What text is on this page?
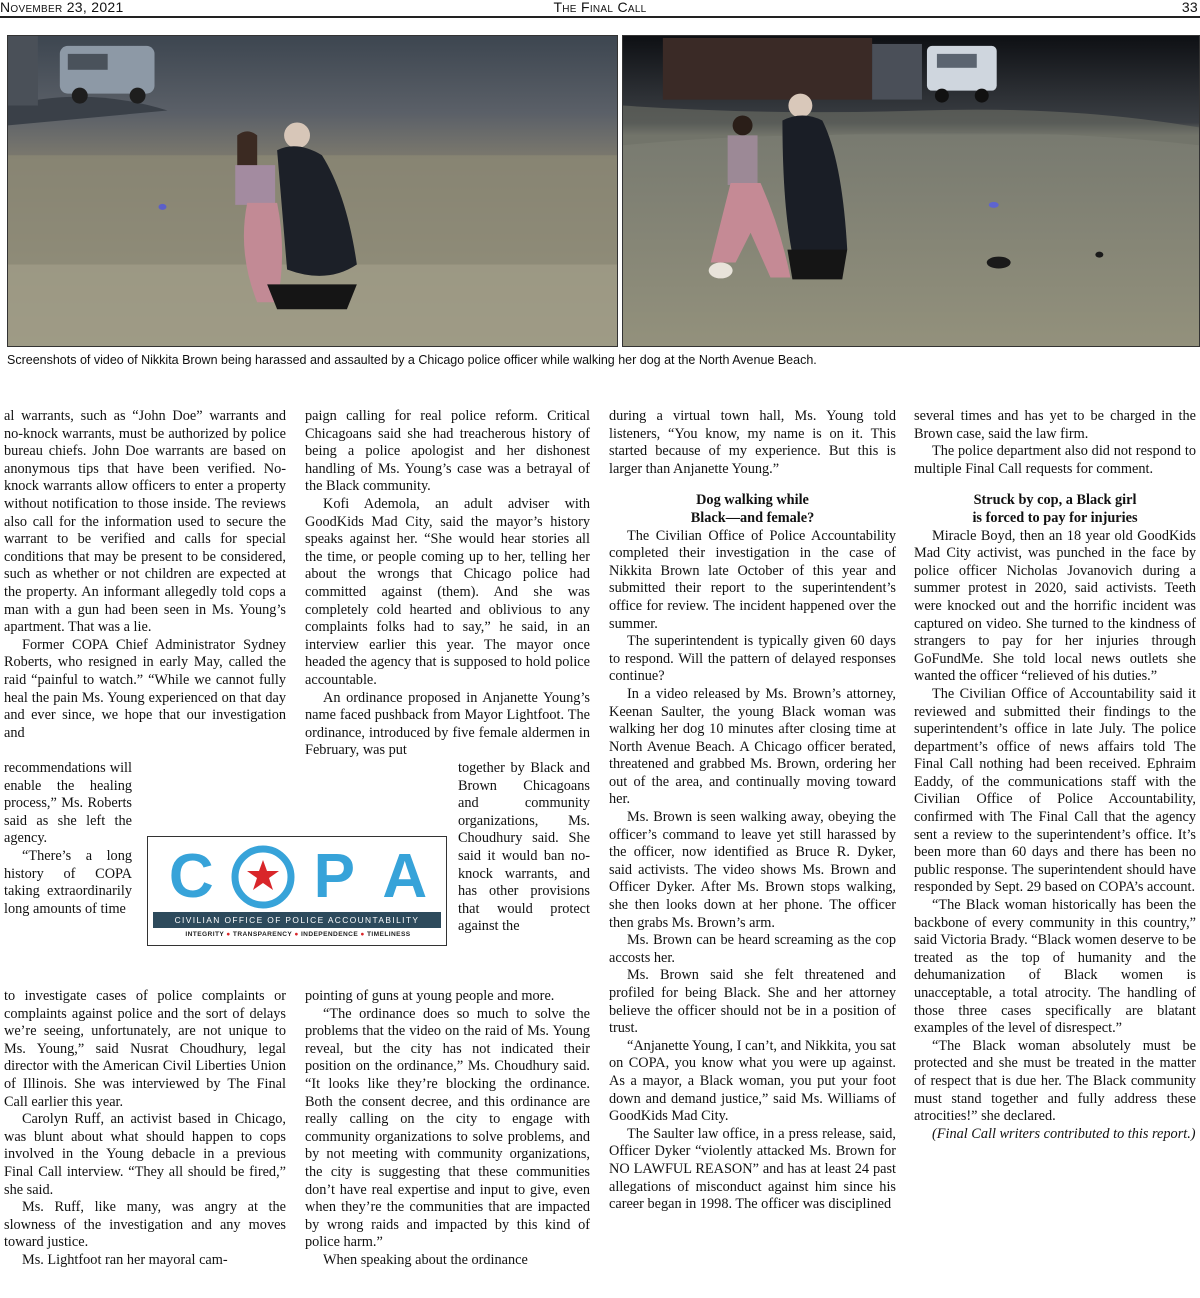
November 23, 2021	The Final Call	33
Screenshots of video of Nikkita Brown being harassed and assaulted by a Chicago police officer while walking her dog at the North Avenue Beach.

al warrants, such as “John Doe” warrants and no-knock warrants, must be authorized by police bureau chiefs. John Doe warrants are based on anonymous tips that have been verified. No-knock warrants allow officers to enter a property without notification to those inside. The reviews also call for the information used to secure the warrant to be verified and calls for special conditions that may be present to be considered, such as whether or not children are expected at the property. An informant allegedly told cops a man with a gun had been seen in Ms. Young’s apartment. That was a lie.

Former COPA Chief Administrator Sydney Roberts, who resigned in early May, called the raid “painful to watch.” “While we cannot fully heal the pain Ms. Young experienced on that day and ever since, we hope that our investigation and

recommendations will enable the healing process,” Ms. Roberts said as she left the agency.

“There’s a long history of COPA taking extraordinarily long amounts of time

to investigate cases of police complaints or complaints against police and the sort of delays we’re seeing, unfortunately, are not unique to Ms. Young,” said Nusrat Choudhury, legal director with the American Civil Liberties Union of Illinois. She was interviewed by The Final Call earlier this year.

Carolyn Ruff, an activist based in Chicago, was blunt about what should happen to cops involved in the Young debacle in a previous Final Call interview. “They all should be fired,” she said.

Ms. Ruff, like many, was angry at the slowness of the investigation and any moves toward justice.

Ms. Lightfoot ran her mayoral cam-

paign calling for real police reform. Critical Chicagoans said she had treacherous history of being a police apologist and her dishonest handling of Ms. Young’s case was a betrayal of the Black community.

Kofi Ademola, an adult adviser with GoodKids Mad City, said the mayor’s history speaks against her. “She would hear stories all the time, or people coming up to her, telling her about the wrongs that Chicago police had committed against (them). And she was completely cold hearted and oblivious to any complaints folks had to say,” he said, in an interview earlier this year. The mayor once headed the agency that is supposed to hold police accountable.

An ordinance proposed in Anjanette Young’s name faced pushback from Mayor Lightfoot. The ordinance, introduced by five female aldermen in February, was put

together by Black and Brown Chicagoans and community organizations, Ms. Choudhury said. She said it would ban no-knock warrants, and has other provisions that would protect against the

pointing of guns at young people and more.

“The ordinance does so much to solve the problems that the video on the raid of Ms. Young reveal, but the city has not indicated their position on the ordinance,” Ms. Choudhury said. “It looks like they’re blocking the ordinance. Both the consent decree, and this ordinance are really calling on the city to engage with community organizations to solve problems, and by not meeting with community organizations, the city is suggesting that these communities don’t have real expertise and input to give, even when they’re the communities that are impacted by wrong raids and impacted by this kind of police harm.”

When speaking about the ordinance

C P A
CIVILIAN OFFICE OF POLICE ACCOUNTABILITY
INTEGRITY ● TRANSPARENCY ● INDEPENDENCE ● TIMELINESS

during a virtual town hall, Ms. Young told listeners, “You know, my name is on it. This started because of my experience. But this is larger than Anjanette Young.”

Dog walking while

Black—and female?

The Civilian Office of Police Accountability completed their investigation in the case of Nikkita Brown late October of this year and submitted their report to the superintendent’s office for review. The incident happened over the summer.

The superintendent is typically given 60 days to respond. Will the pattern of delayed responses continue?

In a video released by Ms. Brown’s attorney, Keenan Saulter, the young Black woman was walking her dog 10 minutes after closing time at North Avenue Beach. A Chicago officer berated, threatened and grabbed Ms. Brown, ordering her out of the area, and continually moving toward her.

Ms. Brown is seen walking away, obeying the officer’s command to leave yet still harassed by the officer, now identified as Bruce R. Dyker, said activists. The video shows Ms. Brown and Officer Dyker. After Ms. Brown stops walking, she then looks down at her phone. The officer then grabs Ms. Brown’s arm.

Ms. Brown can be heard screaming as the cop accosts her.

Ms. Brown said she felt threatened and profiled for being Black. She and her attorney believe the officer should not be in a position of trust.

“Anjanette Young, I can’t, and Nikkita, you sat on COPA, you know what you were up against. As a mayor, a Black woman, you put your foot down and demand justice,” said Ms. Williams of GoodKids Mad City.

The Saulter law office, in a press release, said, Officer Dyker “violently attacked Ms. Brown for NO LAWFUL REASON” and has at least 24 past allegations of misconduct against him since his career began in 1998. The officer was disciplined

several times and has yet to be charged in the Brown case, said the law firm.

The police department also did not respond to multiple Final Call requests for comment.

Struck by cop, a Black girl

is forced to pay for injuries

Miracle Boyd, then an 18 year old GoodKids Mad City activist, was punched in the face by police officer Nicholas Jovanovich during a summer protest in 2020, said activists. Teeth were knocked out and the horrific incident was captured on video. She turned to the kindness of strangers to pay for her injuries through GoFundMe. She told local news outlets she wanted the officer “relieved of his duties.”

The Civilian Office of Accountability said it reviewed and submitted their findings to the superintendent’s office in late July. The police department’s office of news affairs told The Final Call nothing had been received. Ephraim Eaddy, of the communications staff with the Civilian Office of Police Accountability, confirmed with The Final Call that the agency sent a review to the superintendent’s office. It’s been more than 60 days and there has been no public response. The superintendent should have responded by Sept. 29 based on COPA’s account.

“The Black woman historically has been the backbone of every community in this country,” said Victoria Brady. “Black women deserve to be treated as the top of humanity and the dehumanization of Black women is unacceptable, a total atrocity. The handling of those three cases specifically are blatant examples of the level of disrespect.”

“The Black woman absolutely must be protected and she must be treated in the matter of respect that is due her. The Black community must stand together and fully address these atrocities!” she declared.

(Final Call writers contributed to this report.)
